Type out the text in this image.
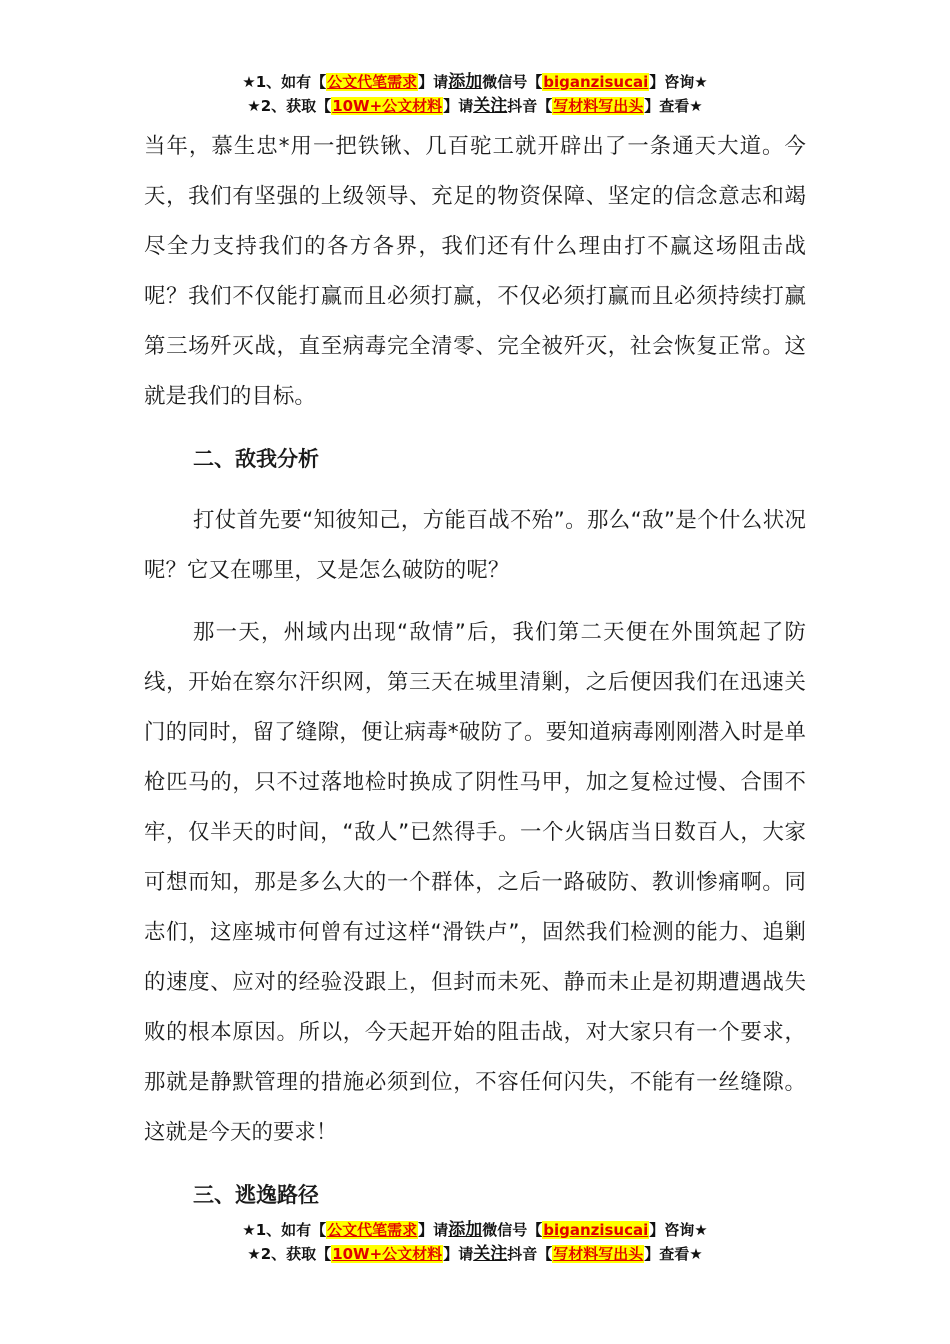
★1、如有【公文代笔需求】请添加微信号【biganzisucai】咨询★
★2、获取【10W+公文材料】请关注抖音【写材料写出头】查看★

当年，慕生忠*用一把铁锹、几百驼工就开辟出了一条通天大道。今天，我们有坚强的上级领导、充足的物资保障、坚定的信念意志和竭尽全力支持我们的各方各界，我们还有什么理由打不赢这场阻击战呢？我们不仅能打赢而且必须打赢，不仅必须打赢而且必须持续打赢第三场歼灭战，直至病毒完全清零、完全被歼灭，社会恢复正常。这就是我们的目标。

二、敌我分析

打仗首先要“知彼知己，方能百战不殆”。那么“敌”是个什么状况呢？它又在哪里，又是怎么破防的呢？

那一天，州域内出现“敌情”后，我们第二天便在外围筑起了防线，开始在察尔汗织网，第三天在城里清剿，之后便因我们在迅速关门的同时，留了缝隙，便让病毒*破防了。要知道病毒刚刚潜入时是单枪匹马的，只不过落地检时换成了阴性马甲，加之复检过慢、合围不牢，仅半天的时间，“敌人”已然得手。一个火锅店当日数百人，大家可想而知，那是多么大的一个群体，之后一路破防、教训惨痛啊。同志们，这座城市何曾有过这样“滑铁卢”，固然我们检测的能力、追剿的速度、应对的经验没跟上，但封而未死、静而未止是初期遭遇战失败的根本原因。所以，今天起开始的阻击战，对大家只有一个要求，那就是静默管理的措施必须到位，不容任何闪失，不能有一丝缝隙。这就是今天的要求！

三、逃逸路径

★1、如有【公文代笔需求】请添加微信号【biganzisucai】咨询★
★2、获取【10W+公文材料】请关注抖音【写材料写出头】查看★
